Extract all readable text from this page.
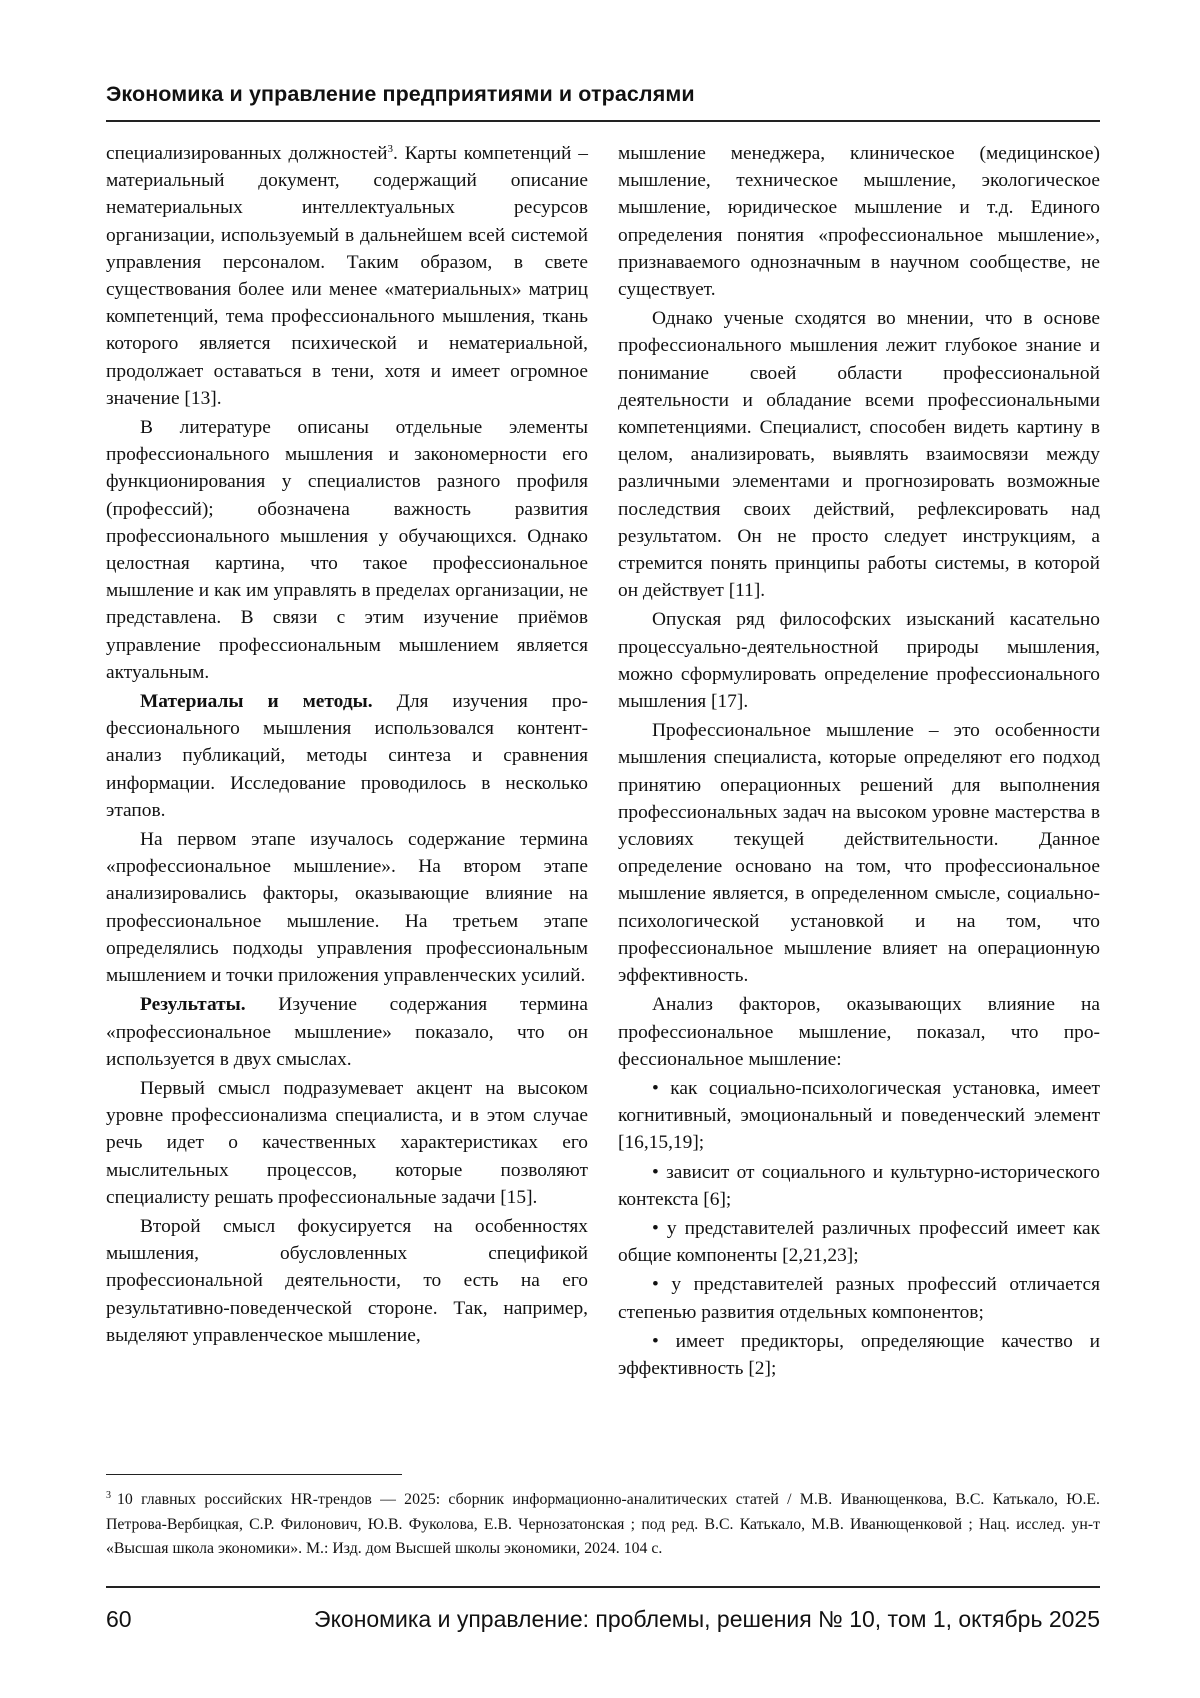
Экономика и управление предприятиями и отраслями

специализированных должностей$^3$. Карты компетенций – материальный документ, содержащий описание нематериальных интеллектуальных ресурсов организации, используемый в дальнейшем всей системой управления персоналом. Таким образом, в свете существования более или менее «материальных» матриц компетенций, тема профессионального мышления, ткань которого является психической и нематериальной, продолжает оставаться в тени, хотя и имеет огромное значение [13].

В литературе описаны отдельные элементы профессионального мышления и закономерности его функционирования у специалистов разного профиля (профессий); обозначена важность развития профессионального мышления у обучающихся. Однако целостная картина, что такое профессиональное мышление и как им управлять в пределах организации, не представлена. В связи с этим изучение приёмов управление профессиональным мышлением является актуальным.

Материалы и методы. Для изучения профессионального мышления использовался контент-анализ публикаций, методы синтеза и сравнения информации. Исследование проводилось в несколько этапов.

На первом этапе изучалось содержание термина «профессиональное мышление». На втором этапе анализировались факторы, оказывающие влияние на профессиональное мышление. На третьем этапе определялись подходы управления профессиональным мышлением и точки приложения управленческих усилий.

Результаты. Изучение содержания термина «профессиональное мышление» показало, что он используется в двух смыслах.

Первый смысл подразумевает акцент на высоком уровне профессионализма специалиста, и в этом случае речь идет о качественных характеристиках его мыслительных процессов, которые позволяют специалисту решать профессиональные задачи [15].

Второй смысл фокусируется на особенностях мышления, обусловленных спецификой профессиональной деятельности, то есть на его результативно-поведенческой стороне. Так, например, выделяют управленческое мышление,

мышление менеджера, клиническое (медицинское) мышление, техническое мышление, экологическое мышление, юридическое мышление и т.д. Единого определения понятия «профессиональное мышление», признаваемого однозначным в научном сообществе, не существует.

Однако ученые сходятся во мнении, что в основе профессионального мышления лежит глубокое знание и понимание своей области профессиональной деятельности и обладание всеми профессиональными компетенциями. Специалист, способен видеть картину в целом, анализировать, выявлять взаимосвязи между различными элементами и прогнозировать возможные последствия своих действий, рефлексировать над результатом. Он не просто следует инструкциям, а стремится понять принципы работы системы, в которой он действует [11].

Опуская ряд философских изысканий касательно процессуально-деятельностной природы мышления, можно сформулировать определение профессионального мышления [17].

Профессиональное мышление – это особенности мышления специалиста, которые определяют его подход принятию операционных решений для выполнения профессиональных задач на высоком уровне мастерства в условиях текущей действительности. Данное определение основано на том, что профессиональное мышление является, в определенном смысле, социально-психологической установкой и на том, что профессиональное мышление влияет на операционную эффективность.

Анализ факторов, оказывающих влияние на профессиональное мышление, показал, что профессиональное мышление:

• как социально-психологическая установка, имеет когнитивный, эмоциональный и поведенческий элемент [16,15,19];

• зависит от социального и культурно-исторического контекста [6];

• у представителей различных профессий имеет как общие компоненты [2,21,23];

• у представителей разных профессий отличается степенью развития отдельных компонентов;

• имеет предикторы, определяющие качество и эффективность [2];

$^3$ 10 главных российских HR-трендов — 2025: сборник информационно-аналитических статей / М.В. Иванющенкова, В.С. Катькало, Ю.Е. Петрова-Вербицкая, С.Р. Филонович, Ю.В. Фуколова, Е.В. Чернозатонская ; под ред. В.С. Катькало, М.В. Иванющенковой ; Нац. исслед. ун-т «Высшая школа экономики». М.: Изд. дом Высшей школы экономики, 2024. 104 с.
60	Экономика и управление: проблемы, решения № 10, том 1, октябрь 2025
